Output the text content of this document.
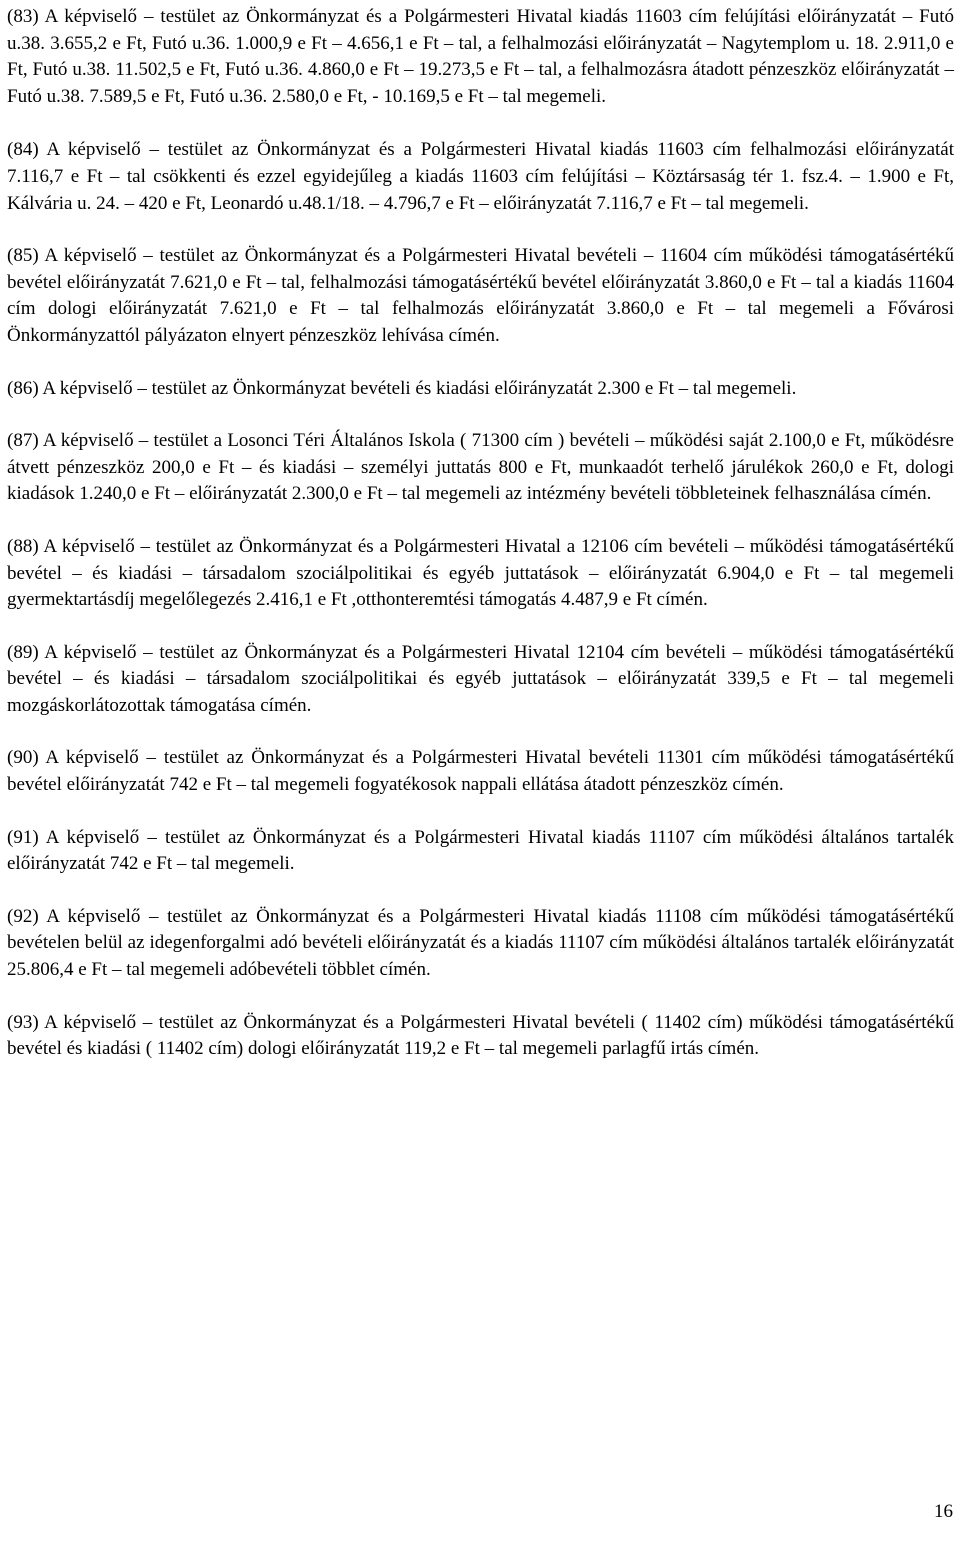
(83) A képviselő – testület az Önkormányzat és a Polgármesteri Hivatal kiadás 11603 cím felújítási előirányzatát – Futó u.38. 3.655,2 e Ft, Futó u.36. 1.000,9 e Ft – 4.656,1 e Ft – tal, a felhalmozási előirányzatát – Nagytemplom u. 18. 2.911,0 e Ft, Futó u.38. 11.502,5 e Ft, Futó u.36. 4.860,0 e Ft – 19.273,5 e Ft – tal, a felhalmozásra átadott pénzeszköz előirányzatát – Futó u.38. 7.589,5 e Ft, Futó u.36. 2.580,0 e Ft, - 10.169,5 e Ft – tal megemeli.

(84) A képviselő – testület az Önkormányzat és a Polgármesteri Hivatal kiadás 11603 cím felhalmozási előirányzatát 7.116,7 e Ft – tal csökkenti és ezzel egyidejűleg a kiadás 11603 cím felújítási – Köztársaság tér 1. fsz.4. – 1.900 e Ft, Kálvária u. 24. – 420 e Ft, Leonardó u.48.1/18. – 4.796,7 e Ft – előirányzatát 7.116,7 e Ft – tal megemeli.

(85) A képviselő – testület az Önkormányzat és a Polgármesteri Hivatal bevételi – 11604 cím működési támogatásértékű bevétel előirányzatát 7.621,0 e Ft – tal, felhalmozási támogatásértékű bevétel előirányzatát 3.860,0 e Ft – tal a kiadás 11604 cím dologi előirányzatát 7.621,0 e Ft – tal felhalmozás előirányzatát 3.860,0 e Ft – tal megemeli a Fővárosi Önkormányzattól pályázaton elnyert pénzeszköz lehívása címén.

(86) A képviselő – testület az Önkormányzat bevételi és kiadási előirányzatát 2.300 e Ft – tal megemeli.

(87) A képviselő – testület a Losonci Téri Általános Iskola ( 71300 cím ) bevételi – működési saját 2.100,0 e Ft, működésre átvett pénzeszköz 200,0 e Ft – és kiadási – személyi juttatás 800 e Ft, munkaadót terhelő járulékok 260,0 e Ft, dologi kiadások 1.240,0 e Ft – előirányzatát 2.300,0 e Ft – tal megemeli az intézmény bevételi többleteinek felhasználása címén.

(88) A képviselő – testület az Önkormányzat és a Polgármesteri Hivatal a 12106 cím bevételi – működési támogatásértékű bevétel – és kiadási – társadalom szociálpolitikai és egyéb juttatások – előirányzatát 6.904,0 e Ft – tal megemeli gyermektartásdíj megelőlegezés 2.416,1 e Ft ,otthonteremtési támogatás 4.487,9 e Ft címén.

(89) A képviselő – testület az Önkormányzat és a Polgármesteri Hivatal 12104 cím bevételi – működési támogatásértékű bevétel – és kiadási – társadalom szociálpolitikai és egyéb juttatások – előirányzatát 339,5 e Ft – tal megemeli mozgáskorlátozottak támogatása címén.

(90) A képviselő – testület az Önkormányzat és a Polgármesteri Hivatal bevételi 11301 cím működési támogatásértékű bevétel előirányzatát 742 e Ft – tal megemeli fogyatékosok nappali ellátása átadott pénzeszköz címén.

(91) A képviselő – testület az Önkormányzat és a Polgármesteri Hivatal kiadás 11107 cím működési általános tartalék előirányzatát 742 e Ft – tal megemeli.

(92) A képviselő – testület az Önkormányzat és a Polgármesteri Hivatal kiadás 11108 cím működési támogatásértékű bevételen belül az idegenforgalmi adó bevételi előirányzatát és a kiadás 11107 cím működési általános tartalék előirányzatát 25.806,4 e Ft – tal megemeli adóbevételi többlet címén.

(93) A képviselő – testület az Önkormányzat és a Polgármesteri Hivatal bevételi ( 11402 cím) működési támogatásértékű bevétel és kiadási ( 11402 cím) dologi előirányzatát 119,2 e Ft – tal megemeli parlagfű irtás címén.

16
